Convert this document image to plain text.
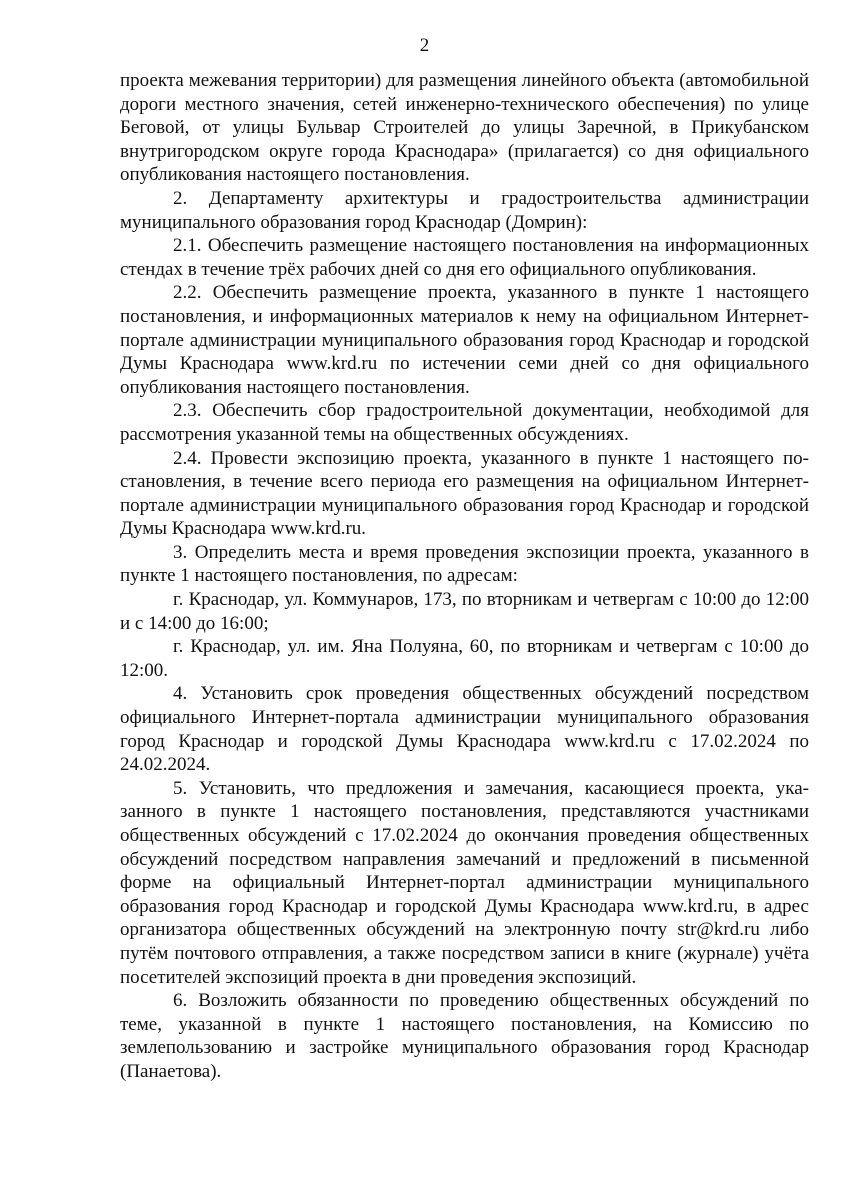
2

проекта межевания территории) для размещения линейного объекта (автомобильной дороги местного значения, сетей инженерно-технического обеспечения) по улице Беговой, от улицы Бульвар Строителей до улицы Заречной, в Прикубанском внутригородском округе города Краснодара» (прилагается) со дня официального опубликования настоящего постановления.

2. Департаменту архитектуры и градостроительства администрации муниципального образования город Краснодар (Домрин):

2.1. Обеспечить размещение настоящего постановления на информационных стендах в течение трёх рабочих дней со дня его официального опубликования.

2.2. Обеспечить размещение проекта, указанного в пункте 1 настоящего постановления, и информационных материалов к нему на официальном Интернет-портале администрации муниципального образования город Краснодар и городской Думы Краснодара www.krd.ru по истечении семи дней со дня официального опубликования настоящего постановления.

2.3. Обеспечить сбор градостроительной документации, необходимой для рассмотрения указанной темы на общественных обсуждениях.

2.4. Провести экспозицию проекта, указанного в пункте 1 настоящего постановления, в течение всего периода его размещения на официальном Интернет-портале администрации муниципального образования город Краснодар и городской Думы Краснодара www.krd.ru.

3. Определить места и время проведения экспозиции проекта, указанного в пункте 1 настоящего постановления, по адресам:

г. Краснодар, ул. Коммунаров, 173, по вторникам и четвергам с 10:00 до 12:00 и с 14:00 до 16:00;

г. Краснодар, ул. им. Яна Полуяна, 60, по вторникам и четвергам с 10:00 до 12:00.

4. Установить срок проведения общественных обсуждений посредством официального Интернет-портала администрации муниципального образования город Краснодар и городской Думы Краснодара www.krd.ru с 17.02.2024 по 24.02.2024.

5. Установить, что предложения и замечания, касающиеся проекта, указанного в пункте 1 настоящего постановления, представляются участниками общественных обсуждений с 17.02.2024 до окончания проведения общественных обсуждений посредством направления замечаний и предложений в письменной форме на официальный Интернет-портал администрации муниципального образования город Краснодар и городской Думы Краснодара www.krd.ru, в адрес организатора общественных обсуждений на электронную почту str@krd.ru либо путём почтового отправления, а также посредством записи в книге (журнале) учёта посетителей экспозиций проекта в дни проведения экспозиций.

6. Возложить обязанности по проведению общественных обсуждений по теме, указанной в пункте 1 настоящего постановления, на Комиссию по землепользованию и застройке муниципального образования город Краснодар (Панаетова).
